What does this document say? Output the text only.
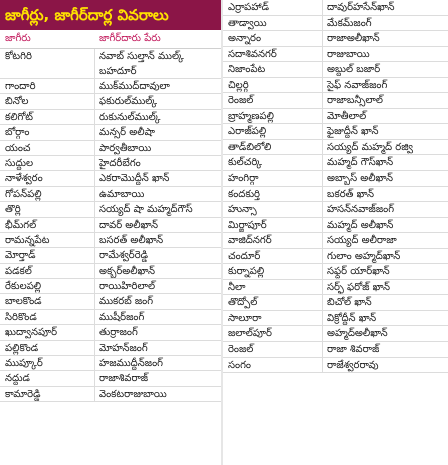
జాగీర్లు, జాగీర్‌దార్ల వివరాలు
జాగీరు	జాగీర్‌దారు పేరు
కోటగిరి	నవాబ్ సుల్తాన్ ముల్క్ బహదూర్
గాందారి	ముక్‌ముద్‌దావులా
బినోల	ఫకురుల్‌ముల్క్
కలిగోట్	రుకునుల్‌ముల్క్
బోర్గాం	మన్సర్ అలీషా
యంచ	పార్వతీబాయి
సుద్దుల	హైదరీబేగం
నాళేశ్వరం	ఎకరామొద్దీన్ ఖాన్
గోపన్‌పల్లి	ఉమాబాయి
తొర్లి	సయ్యద్ షా మహ్మద్‌గౌస్
భీమ్‌గల్	దావర్ అలీఖాన్
రామన్నపేట	బసరత్ అలీఖాన్
మోర్తాడ్	రామేశ్వర్‌రెడ్డి
పడకల్	అక్బర్‌అలీఖాన్
రేకులపల్లి	రాయిహిరిలాల్
బాలకొండ	ముకరబ్ జంగ్
సిరికొండ	ముషీర్‌జంగ్
ఖుద్వానపూర్	తుర్రాజంగ్
పల్లికొండ	మోహన్‌జంగ్
ముప్కూర్	హజముద్దీన్‌జంగ్
నద్దుడ	రాజాశివరాజ్
కామారెడ్డి	వెంకటరాజుబాయి
ఎర్రాపహాడ్	దావుర్‌హసేన్‌ఖాన్
తాడ్వాయి	మేకమ్‌జంగ్
అన్నారం	రాజాఅలీఖాన్
సదాశివనగర్	రాజుబాయి
నిజాంపేట	అబ్దుల్ బజార్
చిల్లర్గి	సైఫ్ నవాజ్‌జంగ్
రెంజల్	రాజాబన్సీలాల్
బ్రాహ్మణపల్లి	మోతీలాల్
ఎరాజ్‌పల్లి	ఫైజుద్దీన్ ఖాన్
తాడ్‌బిలోలి	సయ్యద్ మహ్మద్ రజ్వి
కుల్‌చర్కి	మహ్మద్ గౌస్‌ఖాన్
హంగిర్గా	అబ్బాస్ అలీఖాన్
కందకుర్తి	బకరత్ ఖాన్
హున్సా	హసన్‌నవాజ్‌జంగ్
మిర్జాపూర్	మహ్మద్ అలీఖాన్
వాజిద్‌నగర్	సయ్యద్ అలీరాజా
చందూర్	గులాం అహ్మద్‌ఖాన్
కుర్నాపల్లి	సఫ్దర్ యార్‌ఖాన్
నీలా	సర్ఫ్ ఫరోజ్ ఖాన్
తొద్పోల్	బిచోల్ ఖాన్
సాలూరా	విక్రోద్దీన్ ఖాన్
జలాల్‌పూర్	అహ్మద్‌అలీఖాన్
రెంజల్	రాజా శివరాజ్
సంగం	రాజేశ్వరరావు
